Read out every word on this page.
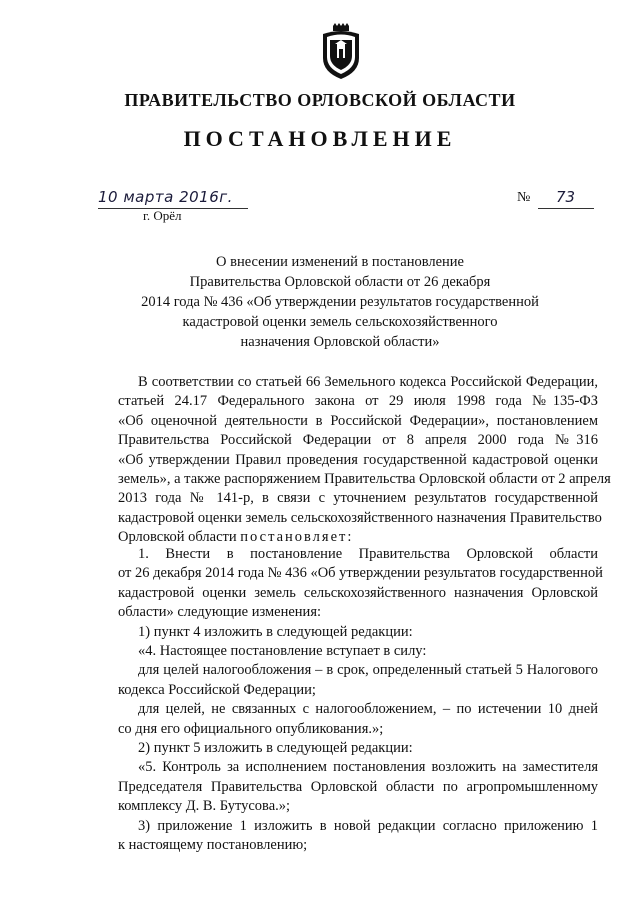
ПРАВИТЕЛЬСТВО ОРЛОВСКОЙ ОБЛАСТИ
ПОСТАНОВЛЕНИЕ
10 марта 2016г.
г. Орёл
№	73
О внесении изменений в постановление
Правительства Орловской области от 26 декабря
2014 года № 436 «Об утверждении результатов государственной
кадастровой оценки земель сельскохозяйственного
назначения Орловской области»
В соответствии со статьей 66 Земельного кодекса Российской Федерации,
статьей 24.17 Федерального закона от 29 июля 1998 года №135-ФЗ
«Об оценочной деятельности в Российской Федерации», постановлением
Правительства Российской Федерации от 8 апреля 2000 года №316
«Об утверждении Правил проведения государственной кадастровой оценки
земель», а также распоряжением Правительства Орловской области от 2 апреля
2013 года № 141-р, в связи с уточнением результатов государственной
кадастровой оценки земель сельскохозяйственного назначения Правительство
Орловской области постановляет:
1. Внести в постановление Правительства Орловской области
от 26 декабря 2014 года № 436 «Об утверждении результатов государственной
кадастровой оценки земель сельскохозяйственного назначения Орловской
области» следующие изменения:
1) пункт 4 изложить в следующей редакции:
«4. Настоящее постановление вступает в силу:
для целей налогообложения – в срок, определенный статьей 5 Налогового
кодекса Российской Федерации;
для целей, не связанных с налогообложением, – по истечении 10 дней
со дня его официального опубликования.»;
2) пункт 5 изложить в следующей редакции:
«5. Контроль за исполнением постановления возложить на заместителя
Председателя Правительства Орловской области по агропромышленному
комплексу Д. В. Бутусова.»;
3) приложение 1 изложить в новой редакции согласно приложению 1
к настоящему постановлению;
